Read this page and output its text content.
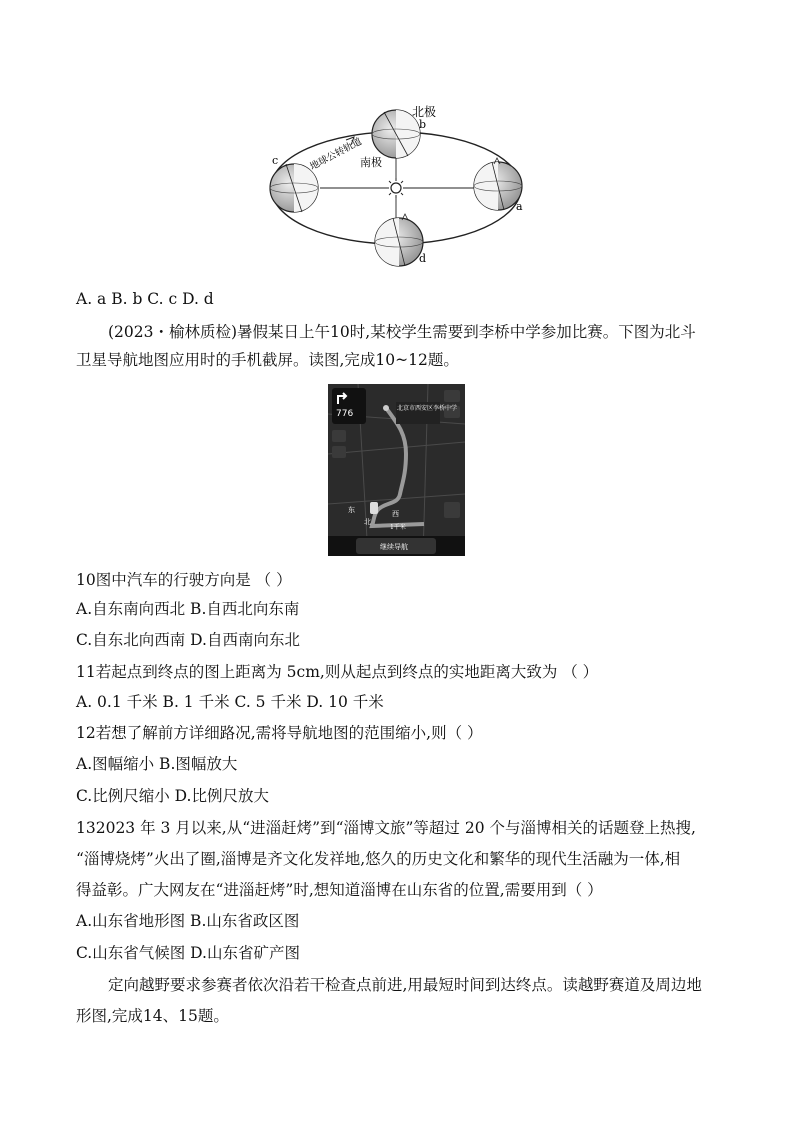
北极
b
南极
c
a
d
地球公转轨道
A. a B. b C. c D. d
(2023・榆林质检)暑假某日上午10时,某校学生需要到李桥中学参加比赛。下图为北斗
卫星导航地图应用时的手机截屏。读图,完成10~12题。
776
北京市西安区李桥中学
东	西
北
1千米
继续导航
10图中汽车的行驶方向是 （ ）
A.自东南向西北 B.自西北向东南
C.自东北向西南 D.自西南向东北
11若起点到终点的图上距离为 5cm,则从起点到终点的实地距离大致为 （ ）
A. 0.1 千米 B. 1 千米 C. 5 千米 D. 10 千米
12若想了解前方详细路况,需将导航地图的范围缩小,则（ ）
A.图幅缩小 B.图幅放大
C.比例尺缩小 D.比例尺放大
132023 年 3 月以来,从“进淄赶烤”到“淄博文旅”等超过 20 个与淄博相关的话题登上热搜,
“淄博烧烤”火出了圈,淄博是齐文化发祥地,悠久的历史文化和繁华的现代生活融为一体,相
得益彰。广大网友在“进淄赶烤”时,想知道淄博在山东省的位置,需要用到（ ）
A.山东省地形图 B.山东省政区图
C.山东省气候图 D.山东省矿产图
定向越野要求参赛者依次沿若干检查点前进,用最短时间到达终点。读越野赛道及周边地
形图,完成14、15题。
